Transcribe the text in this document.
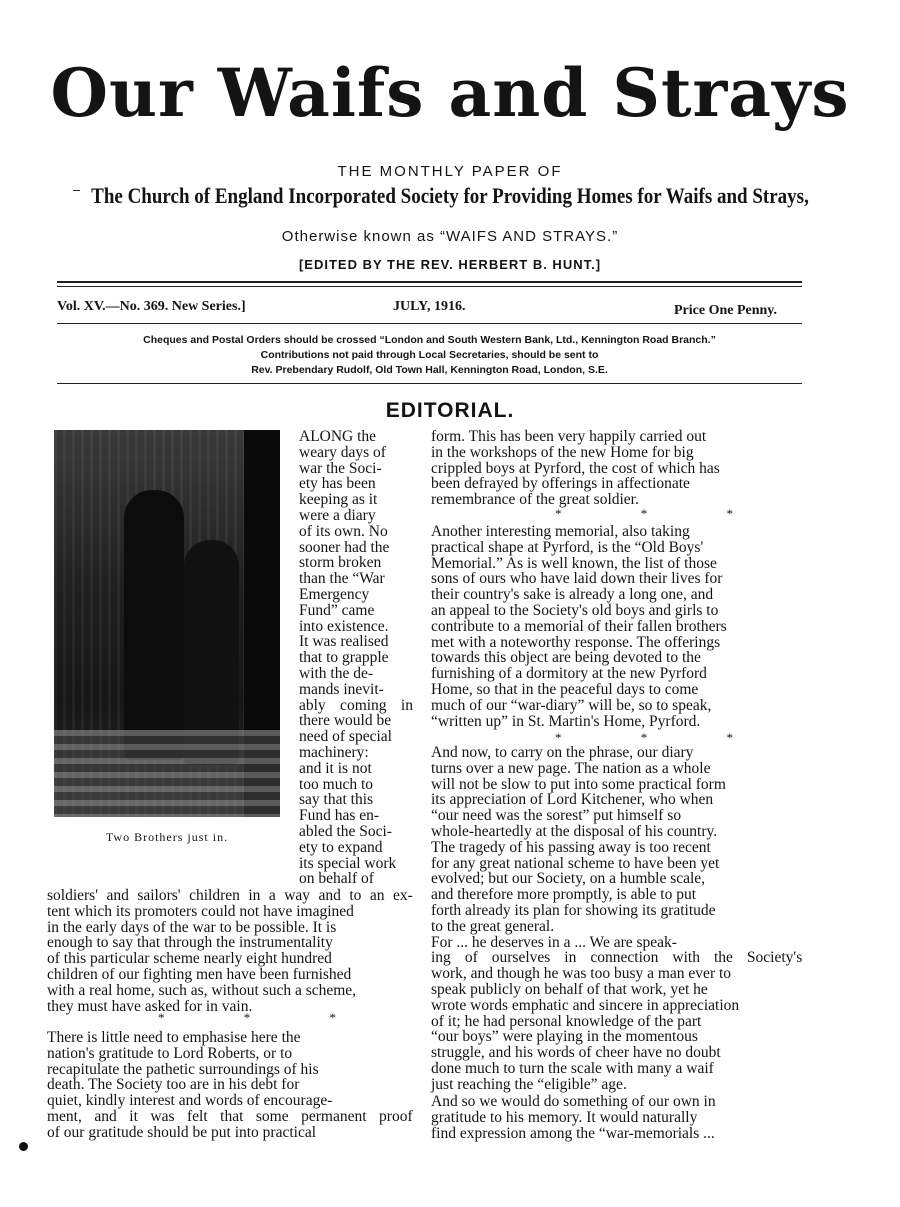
Our Waifs and Strays
THE MONTHLY PAPER OF
The Church of England Incorporated Society for Providing Homes for Waifs and Strays,
Otherwise known as “WAIFS AND STRAYS.”
[EDITED BY THE REV. HERBERT B. HUNT.]
Vol. XV.—No. 369. New Series.]	JULY, 1916.	Price One Penny.
Cheques and Postal Orders should be crossed “London and South Western Bank, Ltd., Kennington Road Branch.”
Contributions not paid through Local Secretaries, should be sent to
Rev. Prebendary Rudolf, Old Town Hall, Kennington Road, London, S.E.
EDITORIAL.
Two Brothers just in.
ALONG the
weary days of
war the Soci-
ety has been
keeping as it
were a diary
of its own. No
sooner had the
storm broken
than the “War
Emergency
Fund” came
into existence.
It was realised
that to grapple
with the de-
mands inevit-
ably coming in
there would be
need of special
machinery:
and it is not
too much to
say that this
Fund has en-
abled the Soci-
ety to expand
its special work
on behalf of
soldiers' and sailors' children in a way and to an ex-
tent which its promoters could not have imagined
in the early days of the war to be possible. It is
enough to say that through the instrumentality
of this particular scheme nearly eight hundred
children of our fighting men have been furnished
with a real home, such as, without such a scheme,
they must have asked for in vain.
* * *
There is little need to emphasise here the
nation's gratitude to Lord Roberts, or to
recapitulate the pathetic surroundings of his
death. The Society too are in his debt for
quiet, kindly interest and words of encourage-
ment, and it was felt that some permanent proof
of our gratitude should be put into practical
form. This has been very happily carried out
in the workshops of the new Home for big
crippled boys at Pyrford, the cost of which has
been defrayed by offerings in affectionate
remembrance of the great soldier.
* * *
Another interesting memorial, also taking
practical shape at Pyrford, is the “Old Boys'
Memorial.” As is well known, the list of those
sons of ours who have laid down their lives for
their country's sake is already a long one, and
an appeal to the Society's old boys and girls to
contribute to a memorial of their fallen brothers
met with a noteworthy response. The offerings
towards this object are being devoted to the
furnishing of a dormitory at the new Pyrford
Home, so that in the peaceful days to come
much of our “war-diary” will be, so to speak,
“written up” in St. Martin's Home, Pyrford.
* * *
And now, to carry on the phrase, our diary
turns over a new page. The nation as a whole
will not be slow to put into some practical form
its appreciation of Lord Kitchener, who when
“our need was the sorest” put himself so
whole-heartedly at the disposal of his country.
The tragedy of his passing away is too recent
for any great national scheme to have been yet
evolved; but our Society, on a humble scale,
and therefore more promptly, is able to put
forth already its plan for showing its gratitude
to the great general.
For ... he deserves in a ... We are speak-
ing of ourselves in connection with the Society's
work, and though he was too busy a man ever to
speak publicly on behalf of that work, yet he
wrote words emphatic and sincere in appreciation
of it; he had personal knowledge of the part
“our boys” were playing in the momentous
struggle, and his words of cheer have no doubt
done much to turn the scale with many a waif
just reaching the “eligible” age.
And so we would do something of our own in
gratitude to his memory. It would naturally
find expression among the “war-memorials ...
